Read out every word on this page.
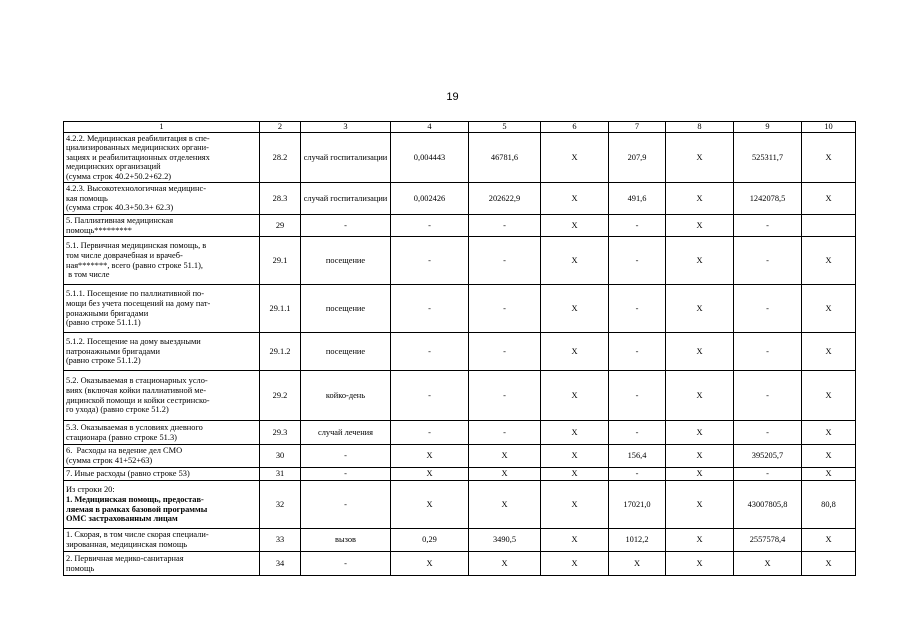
19
1	2	3	4	5	6	7	8	9	10

4.2.2. Медицинская реабилитация в спе-
циализированных медицинских органи-
зациях и реабилитационных отделениях
медицинских организаций
(сумма строк 40.2+50.2+62.2)	28.2	случай госпитализации	0,004443	46781,6	X	207,9	X	525311,7	X

4.2.3. Высокотехнологичная медицинс-
кая помощь
(сумма строк 40.3+50.3+ 62.3)	28.3	случай госпитализации	0,002426	202622,9	X	491,6	X	1242078,5	X

5. Паллиативная медицинская
помощь*********	29	-	-	-	X	-	X	-	

5.1. Первичная медицинская помощь, в
том числе доврачебная и врачеб-
ная*******, всего (равно строке 51.1),
в том числе	29.1	посещение	-	-	X	-	X	-	X

5.1.1. Посещение по паллиативной по-
мощи без учета посещений на дому пат-
ронажными бригадами
(равно строке 51.1.1)	29.1.1	посещение	-	-	X	-	X	-	X

5.1.2. Посещение на дому выездными
патронажными бригадами
(равно строке 51.1.2)	29.1.2	посещение	-	-	X	-	X	-	X

5.2. Оказываемая в стационарных усло-
виях (включая койки паллиативной ме-
дицинской помощи и койки сестринско-
го ухода) (равно строке 51.2)	29.2	койко-день	-	-	X	-	X	-	X

5.3. Оказываемая в условиях дневного
стационара (равно строке 51.3)	29.3	случай лечения	-	-	X	-	X	-	X

6.  Расходы на ведение дел СМО
(сумма строк 41+52+63)	30	-	X	X	X	156,4	X	395205,7	X

7. Иные расходы (равно строке 53)	31	-	X	X	X	-	X	-	X

Из строки 20:
1. Медицинская помощь, предостав-
ляемая в рамках базовой программы
ОМС застрахованным лицам	32	-	X	X	X	17021,0	X	43007805,8	80,8

1. Скорая, в том числе скорая специали-
зированная, медицинская помощь	33	вызов	0,29	3490,5	X	1012,2	X	2557578,4	X

2. Первичная медико-санитарная
помощь	34	-	X	X	X	X	X	X	X
